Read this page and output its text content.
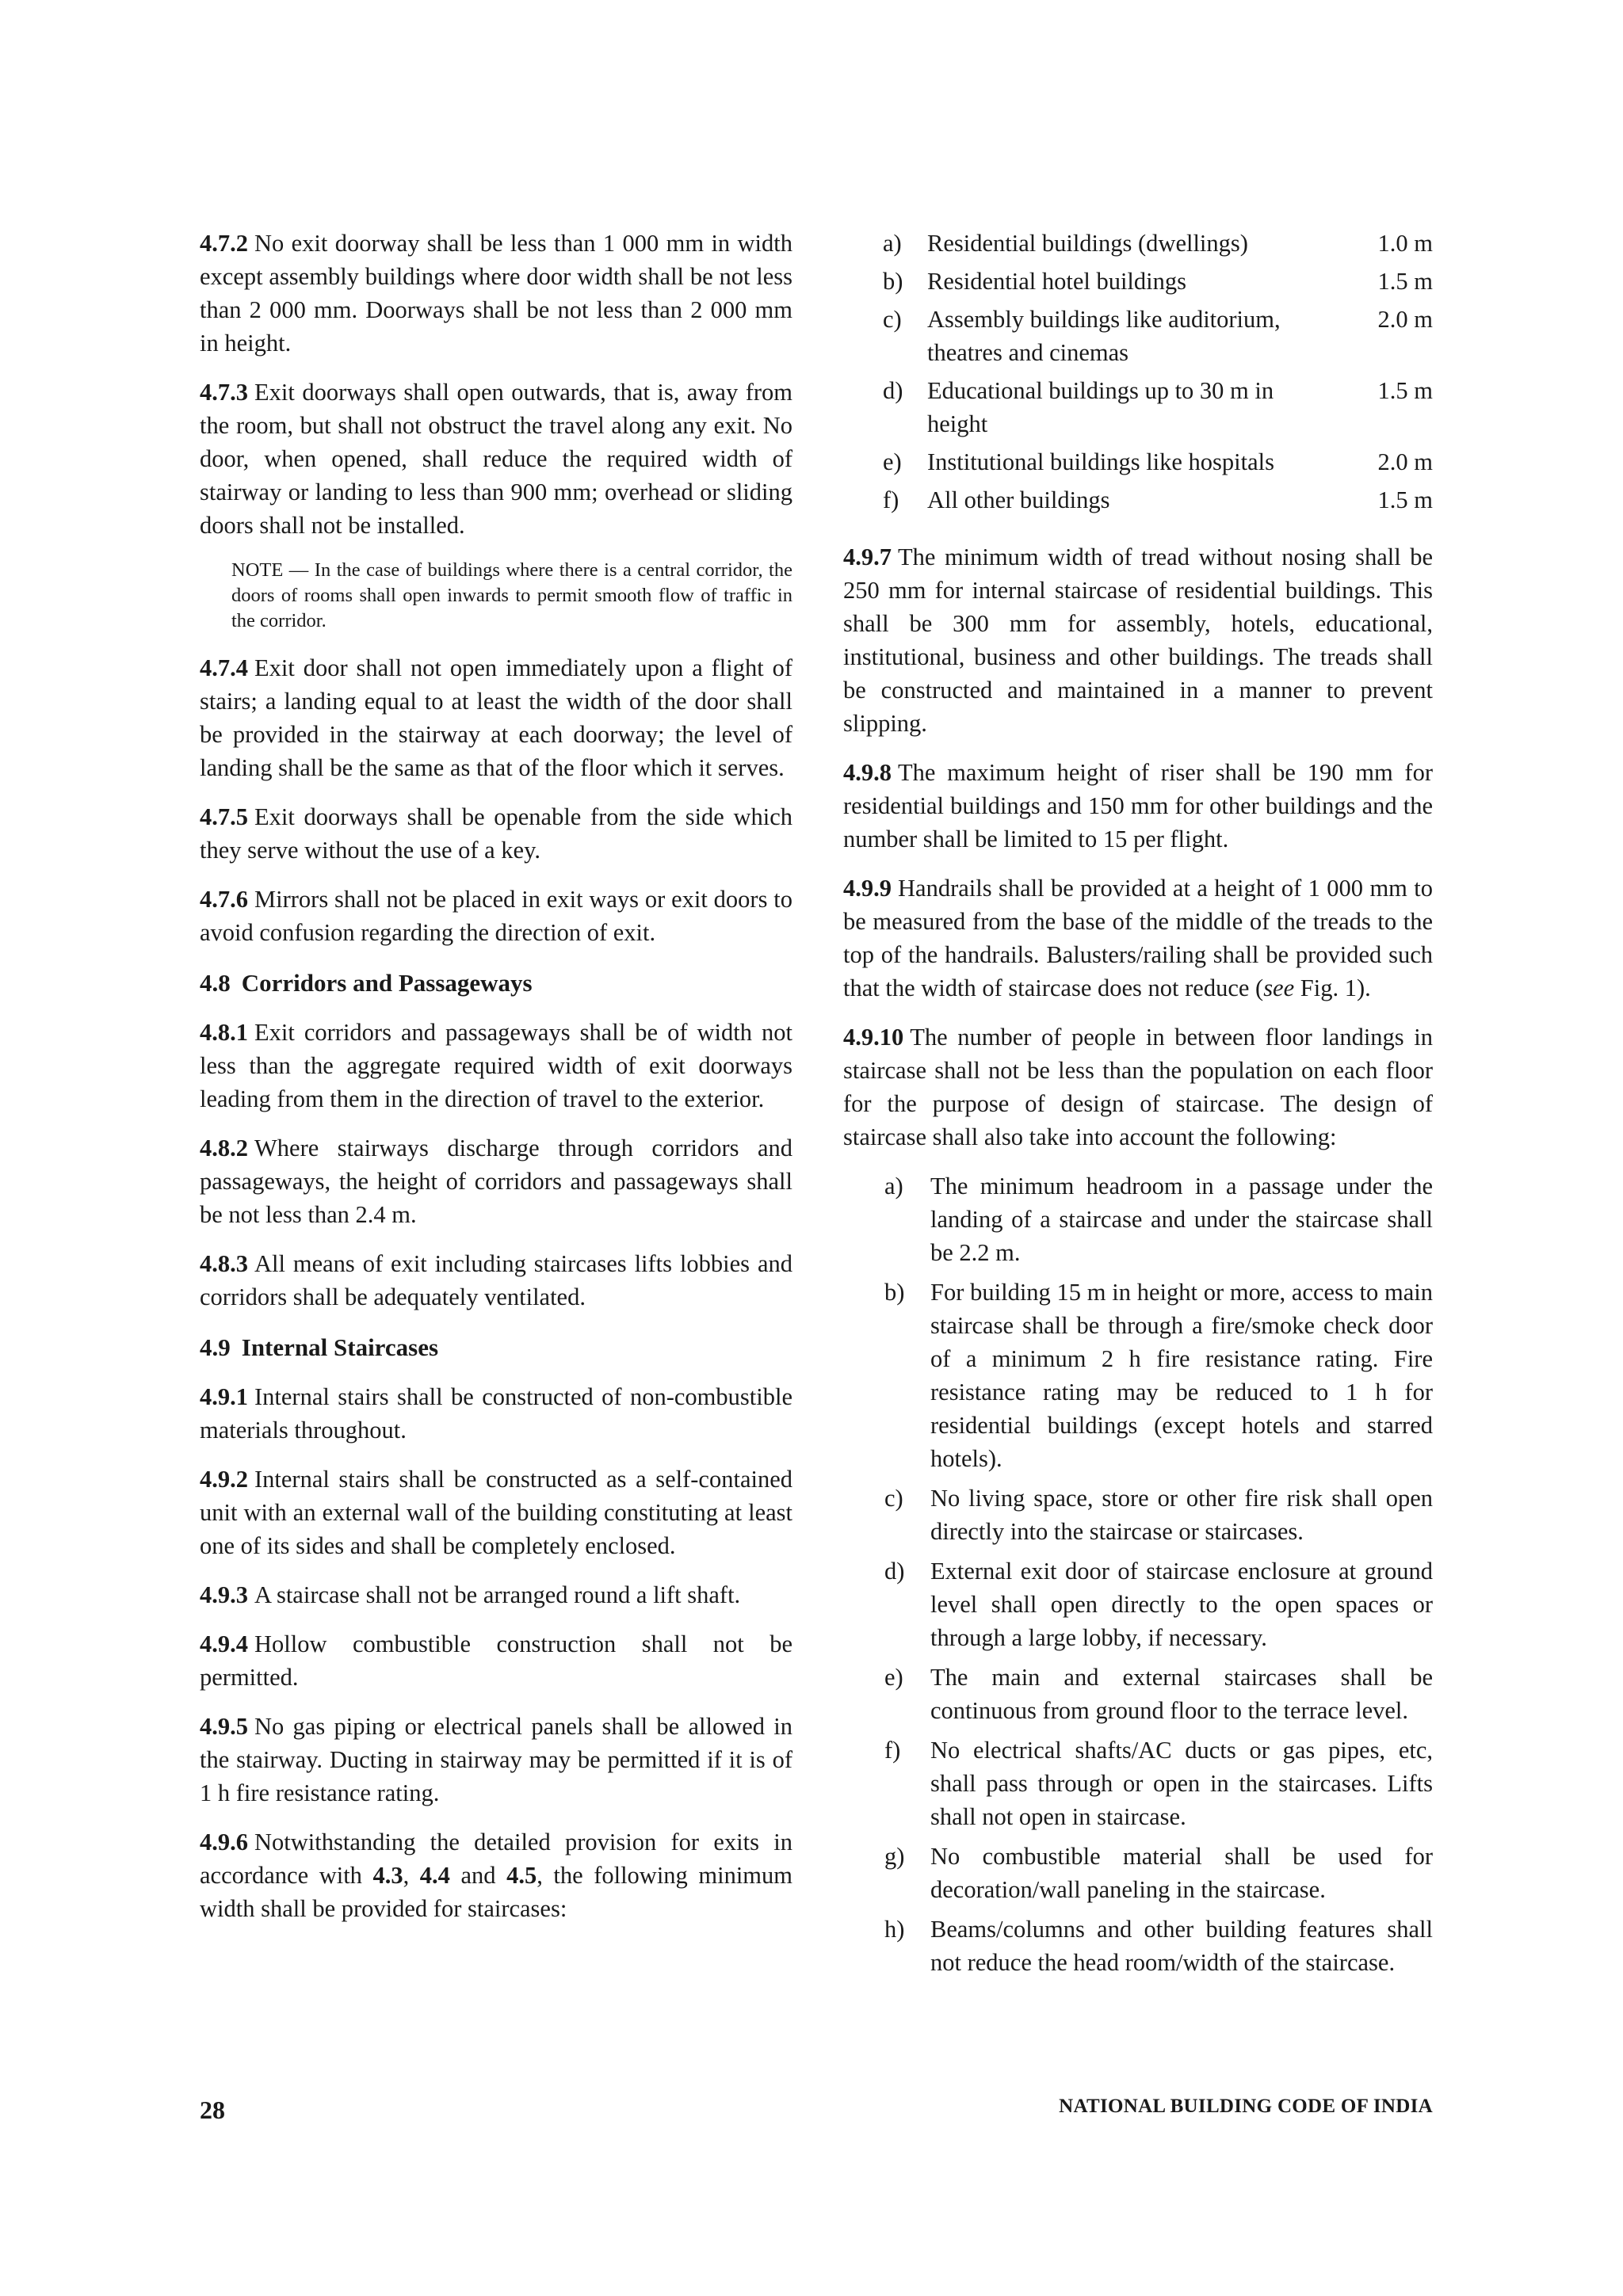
4.7.2 No exit doorway shall be less than 1 000 mm in width except assembly buildings where door width shall be not less than 2 000 mm. Doorways shall be not less than 2 000 mm in height.

4.7.3 Exit doorways shall open outwards, that is, away from the room, but shall not obstruct the travel along any exit. No door, when opened, shall reduce the required width of stairway or landing to less than 900 mm; overhead or sliding doors shall not be installed.

NOTE — In the case of buildings where there is a central corridor, the doors of rooms shall open inwards to permit smooth flow of traffic in the corridor.

4.7.4 Exit door shall not open immediately upon a flight of stairs; a landing equal to at least the width of the door shall be provided in the stairway at each doorway; the level of landing shall be the same as that of the floor which it serves.

4.7.5 Exit doorways shall be openable from the side which they serve without the use of a key.

4.7.6 Mirrors shall not be placed in exit ways or exit doors to avoid confusion regarding the direction of exit.

4.8 Corridors and Passageways

4.8.1 Exit corridors and passageways shall be of width not less than the aggregate required width of exit doorways leading from them in the direction of travel to the exterior.

4.8.2 Where stairways discharge through corridors and passageways, the height of corridors and passageways shall be not less than 2.4 m.

4.8.3 All means of exit including staircases lifts lobbies and corridors shall be adequately ventilated.

4.9 Internal Staircases

4.9.1 Internal stairs shall be constructed of non-combustible materials throughout.

4.9.2 Internal stairs shall be constructed as a self-contained unit with an external wall of the building constituting at least one of its sides and shall be completely enclosed.

4.9.3 A staircase shall not be arranged round a lift shaft.

4.9.4 Hollow combustible construction shall not be permitted.

4.9.5 No gas piping or electrical panels shall be allowed in the stairway. Ducting in stairway may be permitted if it is of 1 h fire resistance rating.

4.9.6 Notwithstanding the detailed provision for exits in accordance with 4.3, 4.4 and 4.5, the following minimum width shall be provided for staircases:

a)	Residential buildings (dwellings)	1.0 m
b)	Residential hotel buildings	1.5 m
c)	Assembly buildings like auditorium, theatres and cinemas	2.0 m
d)	Educational buildings up to 30 m in height	1.5 m
e)	Institutional buildings like hospitals	2.0 m
f)	All other buildings	1.5 m

4.9.7 The minimum width of tread without nosing shall be 250 mm for internal staircase of residential buildings. This shall be 300 mm for assembly, hotels, educational, institutional, business and other buildings. The treads shall be constructed and maintained in a manner to prevent slipping.

4.9.8 The maximum height of riser shall be 190 mm for residential buildings and 150 mm for other buildings and the number shall be limited to 15 per flight.

4.9.9 Handrails shall be provided at a height of 1 000 mm to be measured from the base of the middle of the treads to the top of the handrails. Balusters/railing shall be provided such that the width of staircase does not reduce (see Fig. 1).

4.9.10 The number of people in between floor landings in staircase shall not be less than the population on each floor for the purpose of design of staircase. The design of staircase shall also take into account the following:

a)	The minimum headroom in a passage under the landing of a staircase and under the staircase shall be 2.2 m.
b)	For building 15 m in height or more, access to main staircase shall be through a fire/smoke check door of a minimum 2 h fire resistance rating. Fire resistance rating may be reduced to 1 h for residential buildings (except hotels and starred hotels).
c)	No living space, store or other fire risk shall open directly into the staircase or staircases.
d)	External exit door of staircase enclosure at ground level shall open directly to the open spaces or through a large lobby, if necessary.
e)	The main and external staircases shall be continuous from ground floor to the terrace level.
f)	No electrical shafts/AC ducts or gas pipes, etc, shall pass through or open in the staircases. Lifts shall not open in staircase.
g)	No combustible material shall be used for decoration/wall paneling in the staircase.
h)	Beams/columns and other building features shall not reduce the head room/width of the staircase.
28	NATIONAL BUILDING CODE OF INDIA
